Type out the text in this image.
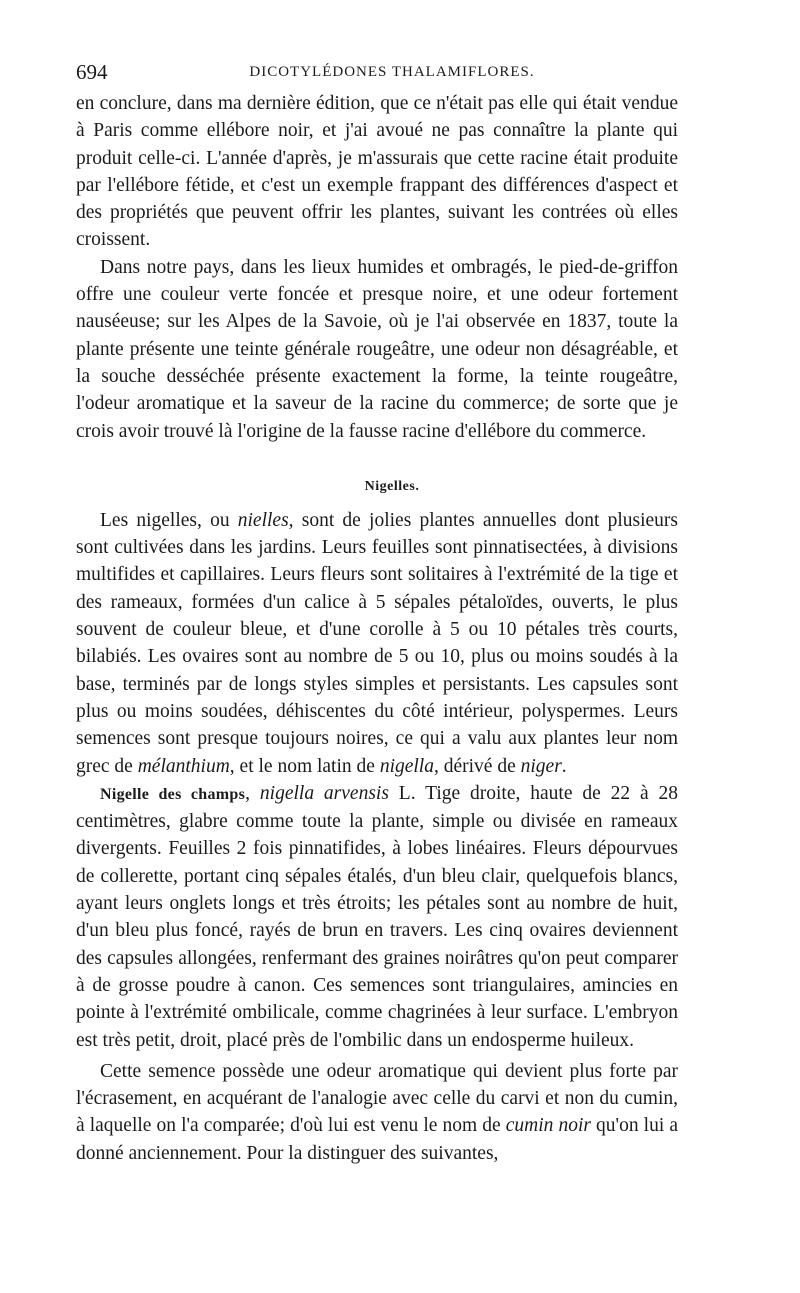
694	DICOTYLÉDONES THALAMIFLORES.

en conclure, dans ma dernière édition, que ce n'était pas elle qui était vendue à Paris comme ellébore noir, et j'ai avoué ne pas connaître la plante qui produit celle-ci. L'année d'après, je m'assurais que cette racine était produite par l'ellébore fétide, et c'est un exemple frappant des différences d'aspect et des propriétés que peuvent offrir les plantes, suivant les contrées où elles croissent.

Dans notre pays, dans les lieux humides et ombragés, le pied-de-griffon offre une couleur verte foncée et presque noire, et une odeur fortement nauséeuse; sur les Alpes de la Savoie, où je l'ai observée en 1837, toute la plante présente une teinte générale rougeâtre, une odeur non désagréable, et la souche desséchée présente exactement la forme, la teinte rougeâtre, l'odeur aromatique et la saveur de la racine du commerce; de sorte que je crois avoir trouvé là l'origine de la fausse racine d'ellébore du commerce.

Nigelles.

Les nigelles, ou nielles, sont de jolies plantes annuelles dont plusieurs sont cultivées dans les jardins. Leurs feuilles sont pinnatisectées, à divisions multifides et capillaires. Leurs fleurs sont solitaires à l'extrémité de la tige et des rameaux, formées d'un calice à 5 sépales pétaloïdes, ouverts, le plus souvent de couleur bleue, et d'une corolle à 5 ou 10 pétales très courts, bilabiés. Les ovaires sont au nombre de 5 ou 10, plus ou moins soudés à la base, terminés par de longs styles simples et persistants. Les capsules sont plus ou moins soudées, déhiscentes du côté intérieur, polyspermes. Leurs semences sont presque toujours noires, ce qui a valu aux plantes leur nom grec de mélanthium, et le nom latin de nigella, dérivé de niger.

Nigelle des champs, nigella arvensis L. Tige droite, haute de 22 à 28 centimètres, glabre comme toute la plante, simple ou divisée en rameaux divergents. Feuilles 2 fois pinnatifides, à lobes linéaires. Fleurs dépourvues de collerette, portant cinq sépales étalés, d'un bleu clair, quelquefois blancs, ayant leurs onglets longs et très étroits; les pétales sont au nombre de huit, d'un bleu plus foncé, rayés de brun en travers. Les cinq ovaires deviennent des capsules allongées, renfermant des graines noirâtres qu'on peut comparer à de grosse poudre à canon. Ces semences sont triangulaires, amincies en pointe à l'extrémité ombilicale, comme chagrinées à leur surface. L'embryon est très petit, droit, placé près de l'ombilic dans un endosperme huileux.

Cette semence possède une odeur aromatique qui devient plus forte par l'écrasement, en acquérant de l'analogie avec celle du carvi et non du cumin, à laquelle on l'a comparée; d'où lui est venu le nom de cumin noir qu'on lui a donné anciennement. Pour la distinguer des suivantes,
